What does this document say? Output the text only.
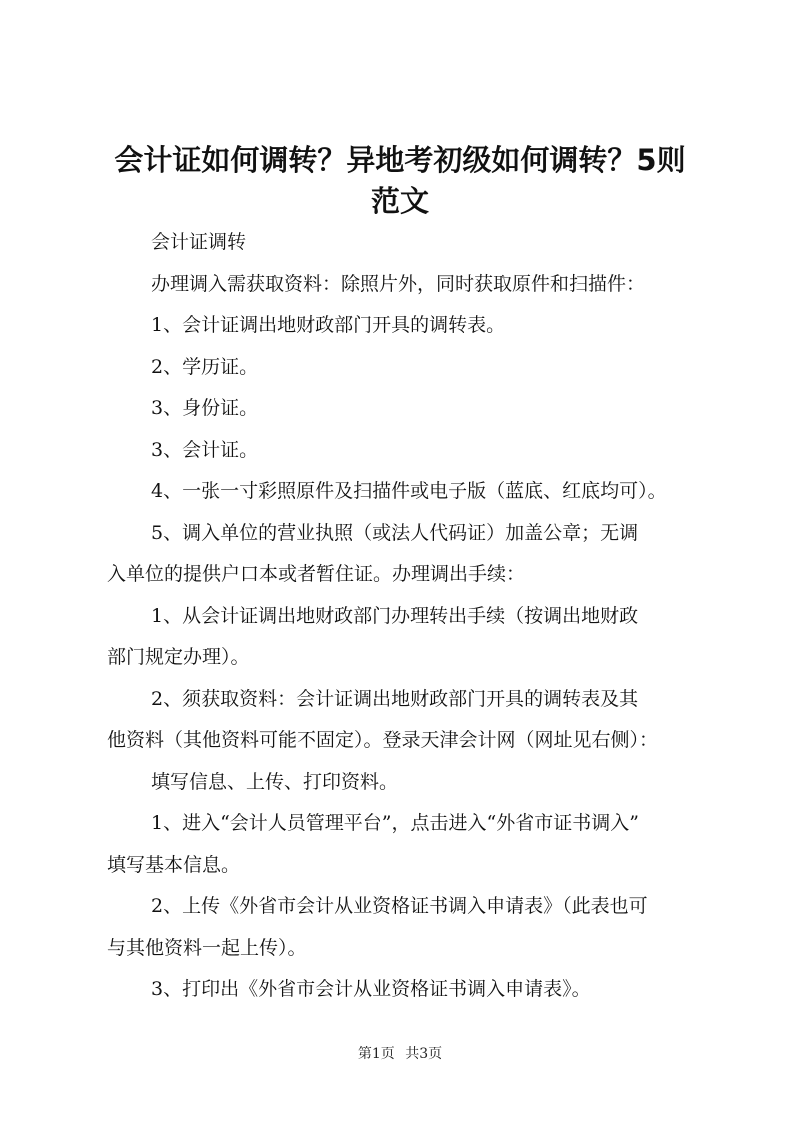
会计证如何调转？异地考初级如何调转？5则
范文
会计证调转
办理调入需获取资料：除照片外，同时获取原件和扫描件：
1、会计证调出地财政部门开具的调转表。
2、学历证。
3、身份证。
3、会计证。
4、一张一寸彩照原件及扫描件或电子版（蓝底、红底均可）。
5、调入单位的营业执照（或法人代码证）加盖公章；无调
入单位的提供户口本或者暂住证。办理调出手续：
1、从会计证调出地财政部门办理转出手续（按调出地财政
部门规定办理）。
2、须获取资料：会计证调出地财政部门开具的调转表及其
他资料（其他资料可能不固定）。登录天津会计网（网址见右侧）：
填写信息、上传、打印资料。
1、进入“会计人员管理平台”，点击进入“外省市证书调入”
填写基本信息。
2、上传《外省市会计从业资格证书调入申请表》（此表也可
与其他资料一起上传）。
3、打印出《外省市会计从业资格证书调入申请表》。
第1页 共3页
